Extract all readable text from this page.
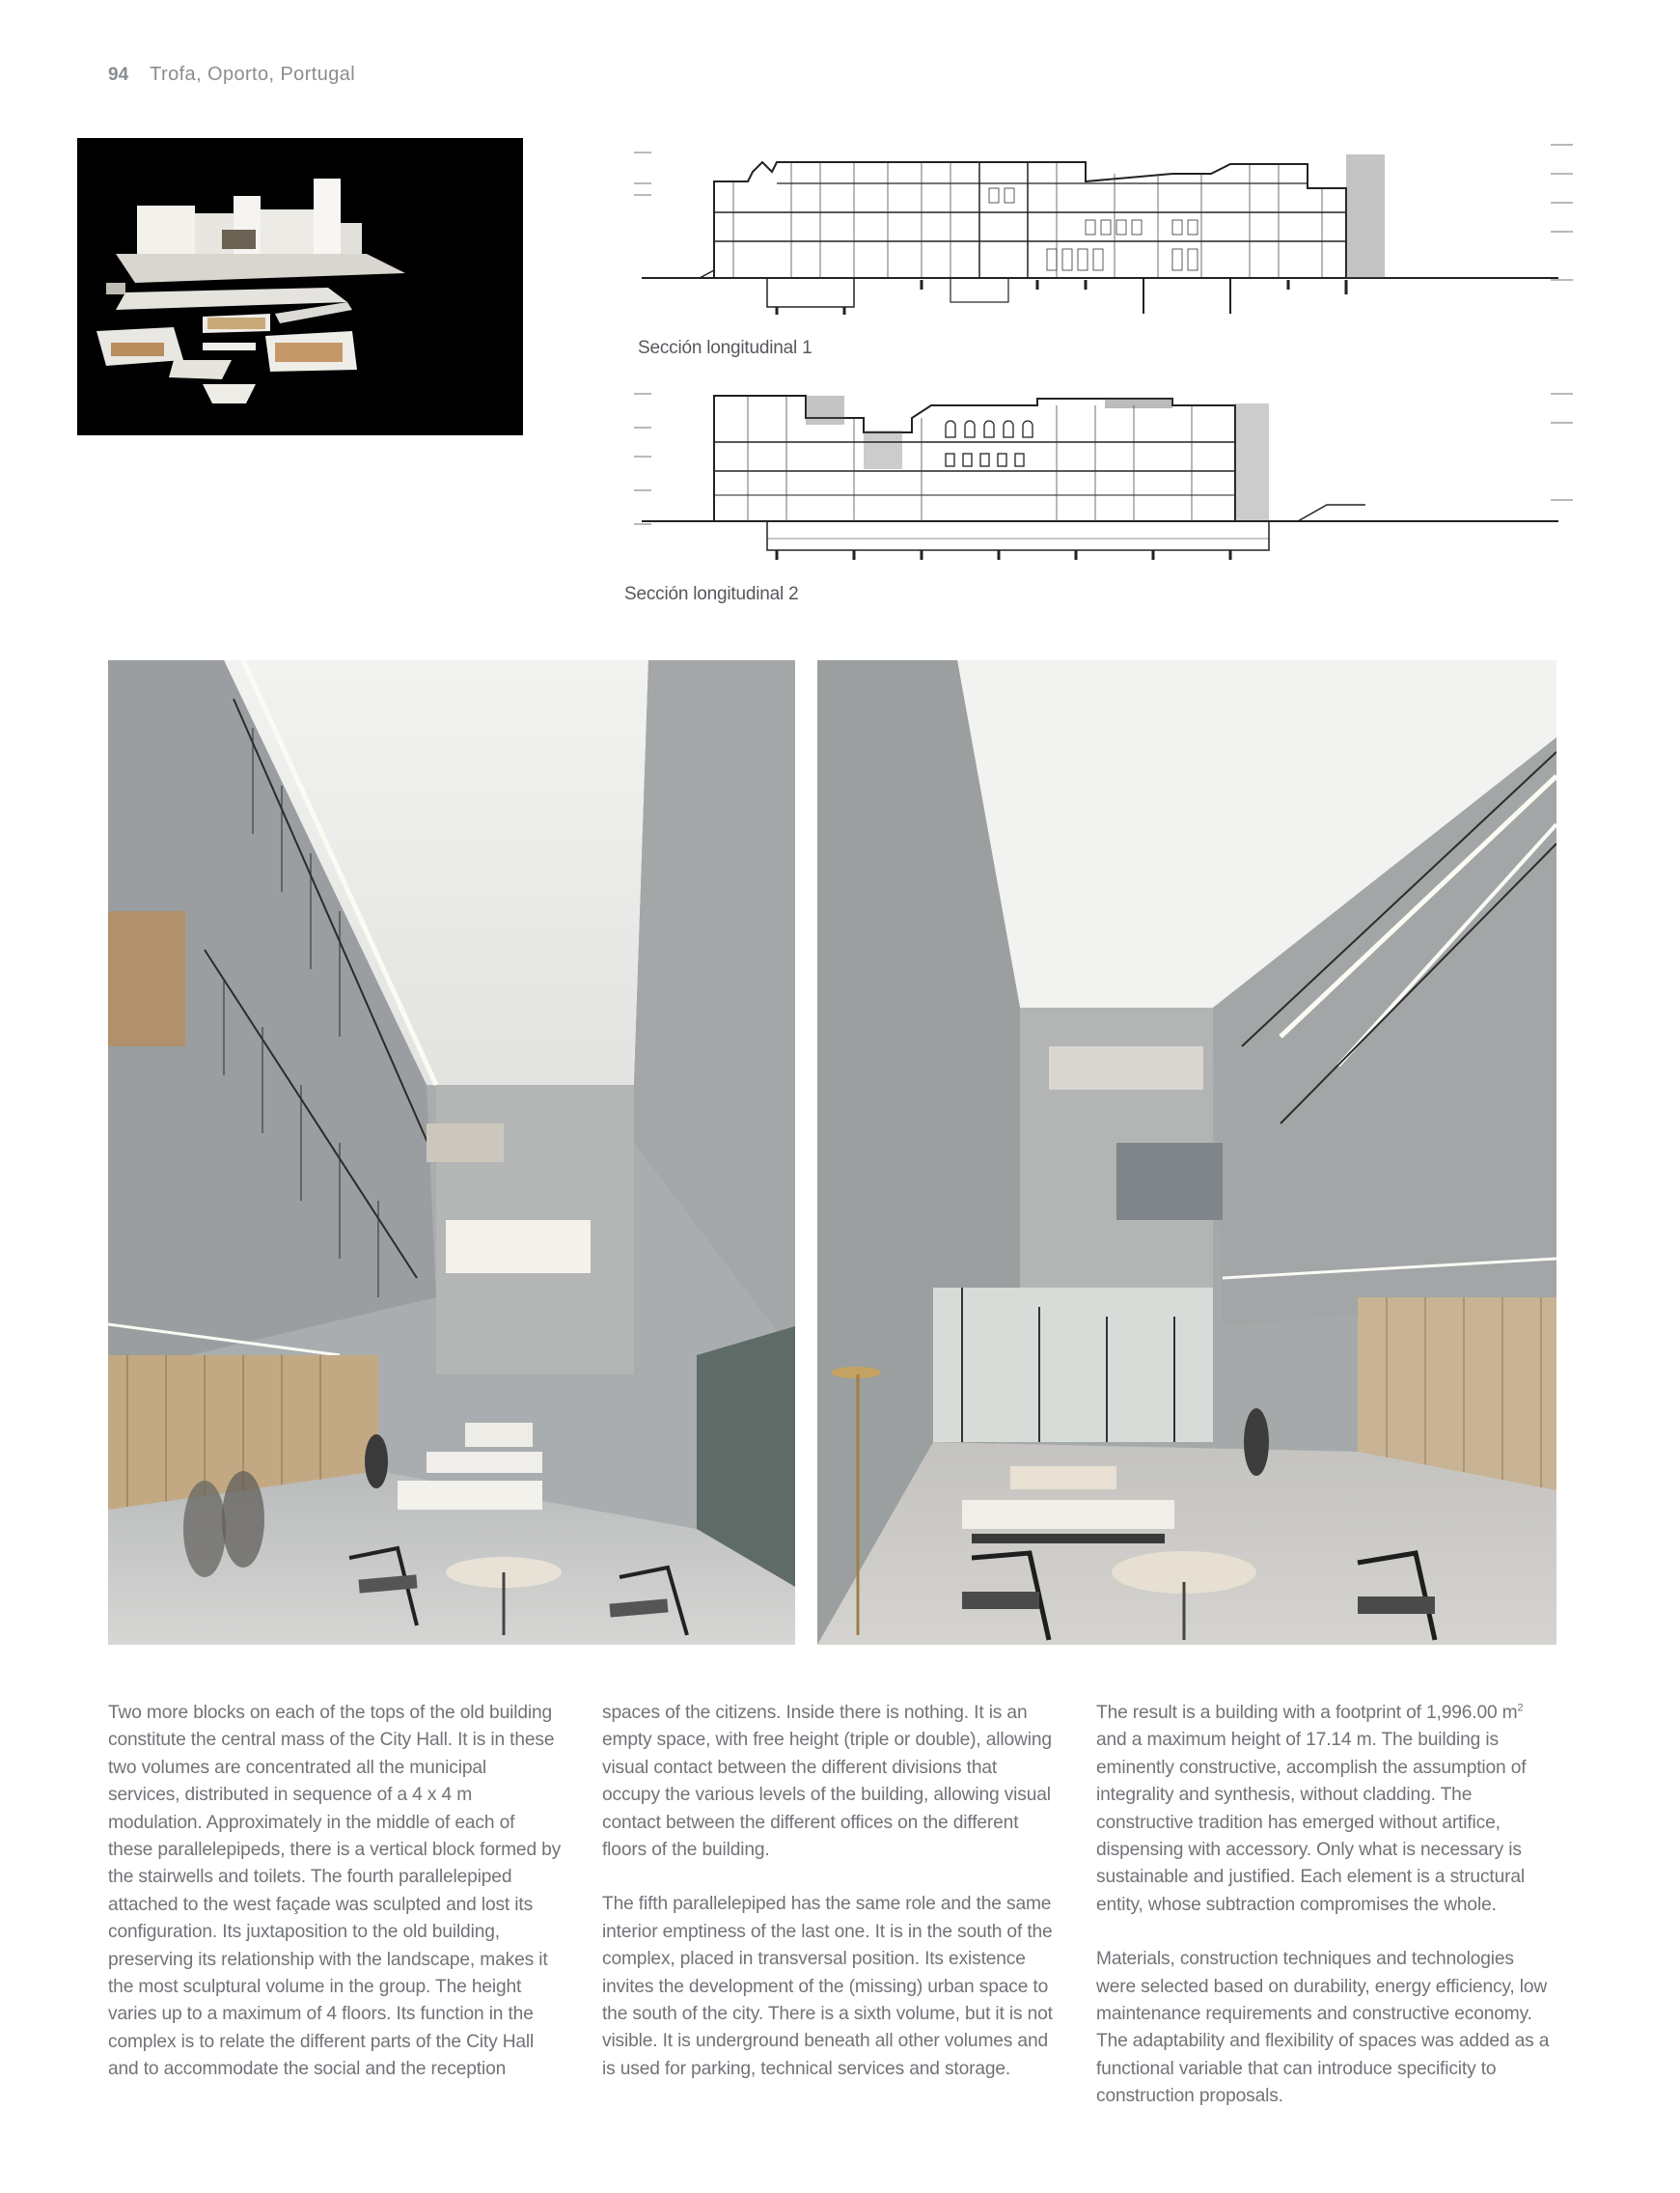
94 Trofa, Oporto, Portugal
Sección longitudinal 1
Sección longitudinal 2

Two more blocks on each of the tops of the old building constitute the central mass of the City Hall. It is in these two volumes are concentrated all the municipal services, distributed in sequence of a 4 x 4 m modulation. Approximately in the middle of each of these parallelepipeds, there is a vertical block formed by the stairwells and toilets. The fourth parallelepiped attached to the west façade was sculpted and lost its configuration. Its juxtaposition to the old building, preserving its relationship with the landscape, makes it the most sculptural volume in the group. The height varies up to a maximum of 4 floors. Its function in the complex is to relate the different parts of the City Hall and to accommodate the social and the reception

spaces of the citizens. Inside there is nothing. It is an empty space, with free height (triple or double), allowing visual contact between the different divisions that occupy the various levels of the building, allowing visual contact between the different offices on the different floors of the building.

The fifth parallelepiped has the same role and the same interior emptiness of the last one. It is in the south of the complex, placed in transversal position. Its existence invites the development of the (missing) urban space to the south of the city. There is a sixth volume, but it is not visible. It is underground beneath all other volumes and is used for parking, technical services and storage.

The result is a building with a footprint of 1,996.00 $m^2$ and a maximum height of 17.14 m. The building is eminently constructive, accomplish the assumption of integrality and synthesis, without cladding. The constructive tradition has emerged without artifice, dispensing with accessory. Only what is necessary is sustainable and justified. Each element is a structural entity, whose subtraction compromises the whole.

Materials, construction techniques and technologies were selected based on durability, energy efficiency, low maintenance requirements and constructive economy. The adaptability and flexibility of spaces was added as a functional variable that can introduce specificity to construction proposals.
